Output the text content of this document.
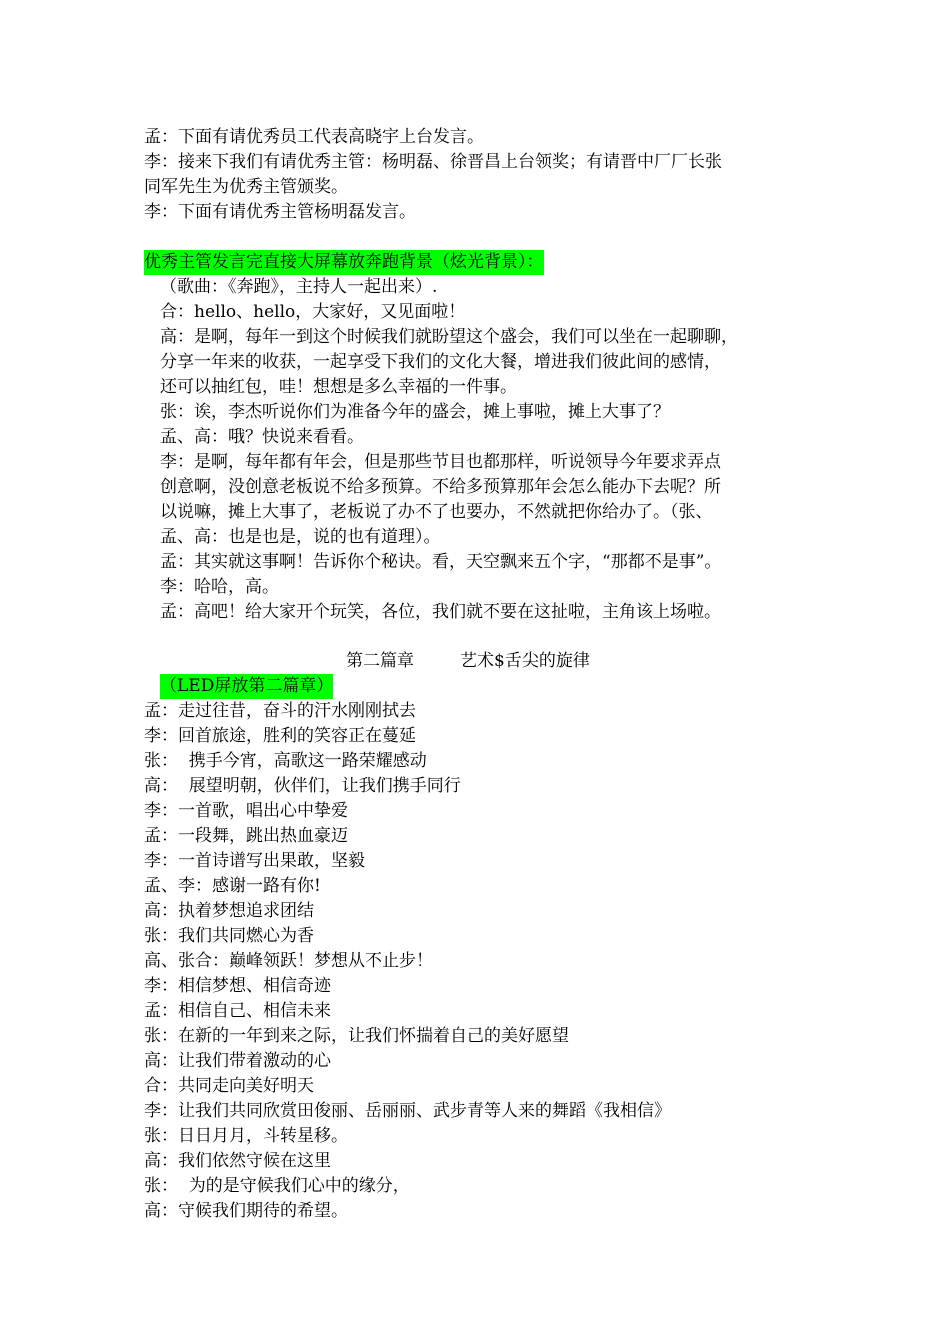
孟：下面有请优秀员工代表高晓宇上台发言。
李：接来下我们有请优秀主管：杨明磊、徐晋昌上台领奖；有请晋中厂厂长张
同军先生为优秀主管颁奖。
李：下面有请优秀主管杨明磊发言。
优秀主管发言完直接大屏幕放奔跑背景（炫光背景）：
（歌曲：《奔跑》，主持人一起出来）.
合：hello、hello，大家好，又见面啦！
高：是啊，每年一到这个时候我们就盼望这个盛会，我们可以坐在一起聊聊，
分享一年来的收获，一起享受下我们的文化大餐，增进我们彼此间的感情，
还可以抽红包，哇！想想是多么幸福的一件事。
张：诶，李杰听说你们为准备今年的盛会，摊上事啦，摊上大事了？
孟、高：哦？快说来看看。
李：是啊，每年都有年会，但是那些节目也都那样，听说领导今年要求弄点
创意啊，没创意老板说不给多预算。不给多预算那年会怎么能办下去呢？所
以说嘛，摊上大事了，老板说了办不了也要办，不然就把你给办了。（张、
孟、高：也是也是，说的也有道理）。
孟：其实就这事啊！告诉你个秘诀。看，天空飘来五个字，“那都不是事”。
李：哈哈，高。
孟：高吧！给大家开个玩笑，各位，我们就不要在这扯啦，主角该上场啦。
第二篇章	艺术$舌尖的旋律
（LED屏放第二篇章）
孟：走过往昔，奋斗的汗水刚刚拭去
李：回首旅途，胜利的笑容正在蔓延
张：  携手今宵，高歌这一路荣耀感动
高：  展望明朝，伙伴们，让我们携手同行
李：一首歌，唱出心中挚爱
孟：一段舞，跳出热血豪迈
李：一首诗谱写出果敢，坚毅
孟、李：感谢一路有你!
高：执着梦想追求团结
张：我们共同燃心为香
高、张合：巅峰领跃！梦想从不止步！
李：相信梦想、相信奇迹
孟：相信自己、相信未来
张：在新的一年到来之际，让我们怀揣着自己的美好愿望
高：让我们带着激动的心
合：共同走向美好明天
李：让我们共同欣赏田俊丽、岳丽丽、武步青等人来的舞蹈《我相信》
张：日日月月，斗转星移。
高：我们依然守候在这里
张：  为的是守候我们心中的缘分，
高：守候我们期待的希望。
